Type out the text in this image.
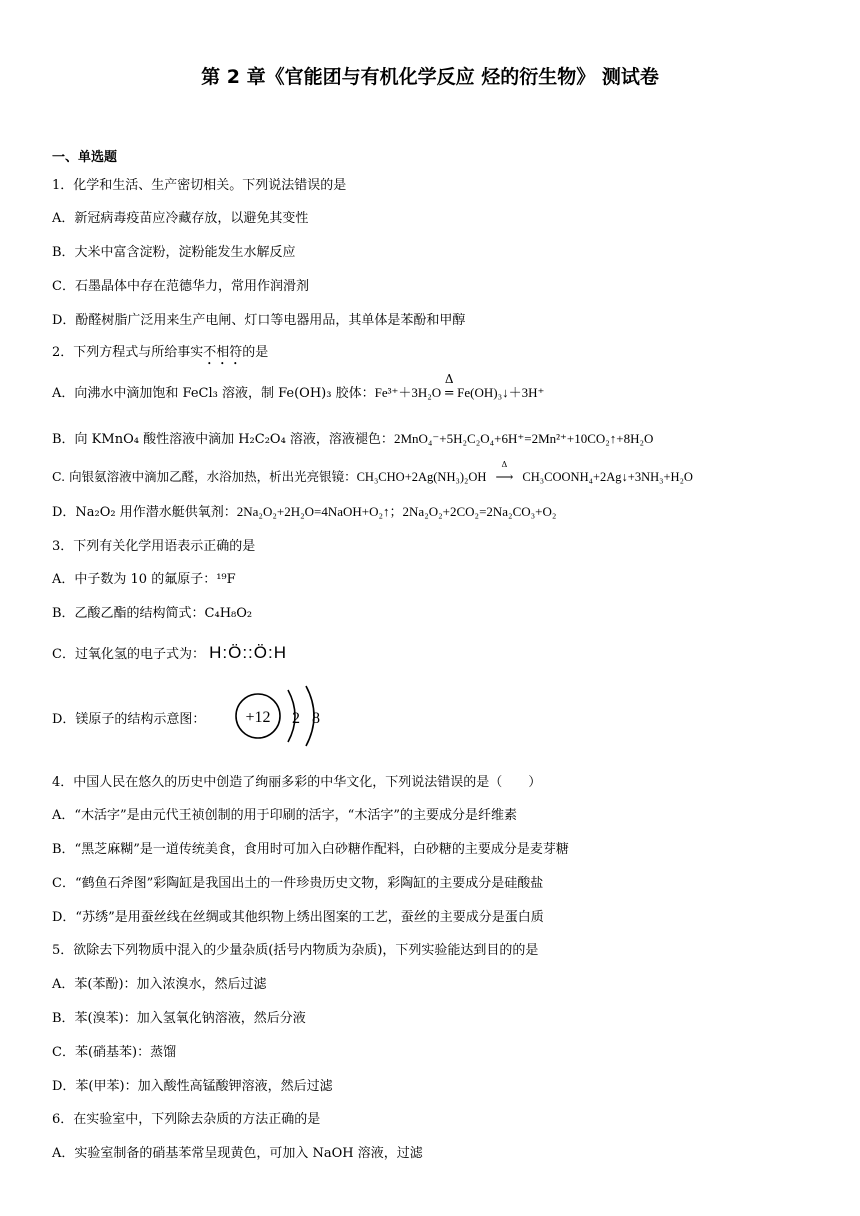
第 2 章《官能团与有机化学反应 烃的衍生物》 测试卷
一、单选题
1．化学和生活、生产密切相关。下列说法错误的是
A．新冠病毒疫苗应冷藏存放，以避免其变性
B．大米中富含淀粉，淀粉能发生水解反应
C．石墨晶体中存在范德华力，常用作润滑剂
D．酚醛树脂广泛用来生产电闸、灯口等电器用品，其单体是苯酚和甲醇
2．下列方程式与所给事实不相符的是
A．向沸水中滴加饱和 FeCl₃ 溶液，制 Fe(OH)₃ 胶体：Fe³⁺＋3H₂O
Δ
= Fe(OH)₃↓＋3H⁺
B．向 KMnO₄ 酸性溶液中滴加 H₂C₂O₄ 溶液，溶液褪色：2MnO₄⁻+5H₂C₂O₄+6H⁺=2Mn²⁺+10CO₂↑+8H₂O
C. 向银氨溶液中滴加乙醛，水浴加热，析出光亮银镜：CH₃CHO+2Ag(NH₃)₂OH
Δ
⟶ CH₃COONH₄+2Ag↓+3NH₃+H₂O
D．Na₂O₂ 用作潜水艇供氧剂：2Na₂O₂+2H₂O=4NaOH+O₂↑；2Na₂O₂+2CO₂=2Na₂CO₃+O₂
3．下列有关化学用语表示正确的是
A．中子数为 10 的氟原子：¹⁹F
B．乙酸乙酯的结构简式：C₄H₈O₂
C．过氧化氢的电子式为： H:Ö::Ö:H
D．镁原子的结构示意图：	+12 2 8
4．中国人民在悠久的历史中创造了绚丽多彩的中华文化，下列说法错误的是（　　）
A．“木活字”是由元代王祯创制的用于印刷的活字，“木活字”的主要成分是纤维素
B．“黑芝麻糊”是一道传统美食，食用时可加入白砂糖作配料，白砂糖的主要成分是麦芽糖
C．“鹤鱼石斧图”彩陶缸是我国出土的一件珍贵历史文物，彩陶缸的主要成分是硅酸盐
D．“苏绣”是用蚕丝线在丝绸或其他织物上绣出图案的工艺，蚕丝的主要成分是蛋白质
5．欲除去下列物质中混入的少量杂质(括号内物质为杂质)，下列实验能达到目的的是
A．苯(苯酚)：加入浓溴水，然后过滤
B．苯(溴苯)：加入氢氧化钠溶液，然后分液
C．苯(硝基苯)：蒸馏
D．苯(甲苯)：加入酸性高锰酸钾溶液，然后过滤
6．在实验室中，下列除去杂质的方法正确的是
A．实验室制备的硝基苯常呈现黄色，可加入 NaOH 溶液，过滤
